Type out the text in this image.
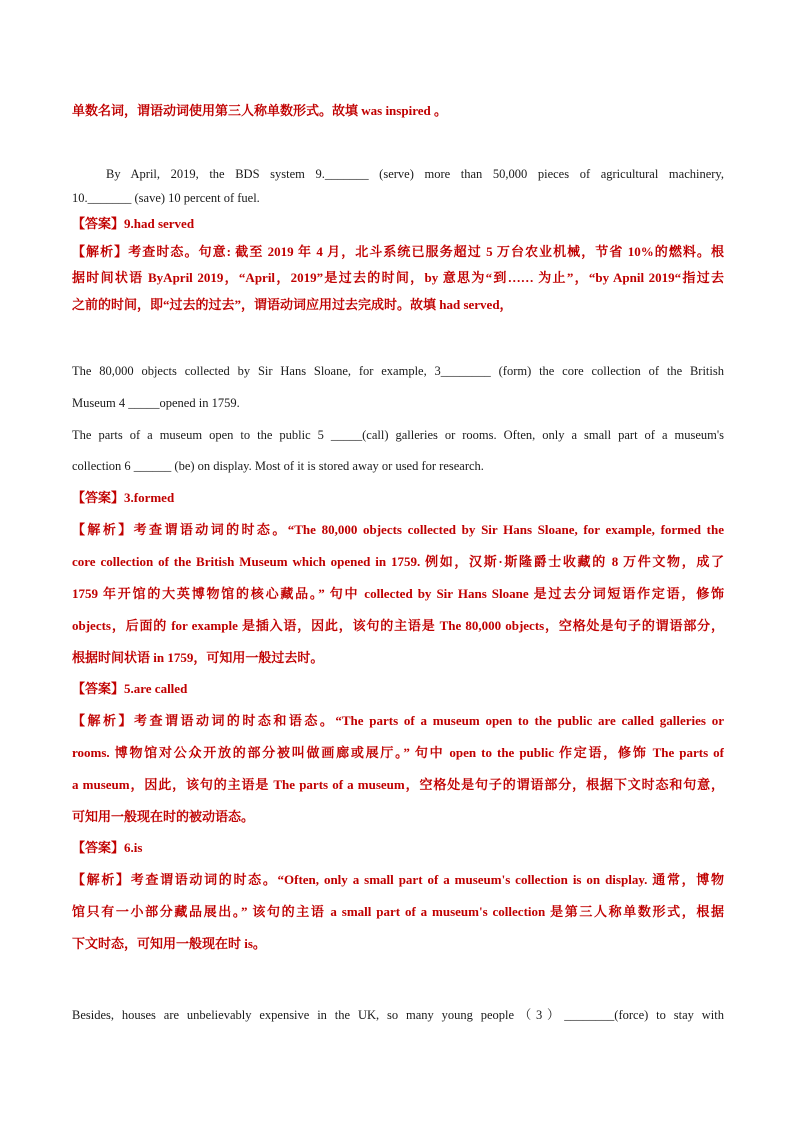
单数名词，谓语动词使用第三人称单数形式。故填 was inspired 。
By April, 2019, the BDS system 9._______ (serve) more than 50,000 pieces of agricultural machinery,
10._______ (save) 10 percent of fuel.
【答案】9.had served
【解析】考查时态。句意: 截至 2019 年 4 月，北斗系统已服务超过 5 万台农业机械，节省 10%的燃料。根
据时间状语 ByApril 2019，“April，2019”是过去的时间，by 意思为“到…… 为止”，“by Apnil 2019“指过去
之前的时间，即“过去的过去”，谓语动词应用过去完成时。故填 had served，
The 80,000 objects collected by Sir Hans Sloane, for example, 3________ (form) the core collection of the British
Museum 4 _____opened in 1759.
The parts of a museum open to the public 5 _____(call) galleries or rooms. Often, only a small part of a museum's
collection 6 ______ (be) on display. Most of it is stored away or used for research.
【答案】3.formed
【解析】考查谓语动词的时态。“The 80,000 objects collected by Sir Hans Sloane, for example, formed the
core collection of the British Museum which opened in 1759. 例如，汉斯·斯隆爵士收藏的 8 万件文物，成了
1759 年开馆的大英博物馆的核心藏品。” 句中 collected by Sir Hans Sloane 是过去分词短语作定语，修饰
objects，后面的 for example 是插入语，因此，该句的主语是 The 80,000 objects，空格处是句子的谓语部分，
根据时间状语 in 1759，可知用一般过去时。
【答案】5.are called
【解析】考查谓语动词的时态和语态。“The parts of a museum open to the public are called galleries or
rooms. 博物馆对公众开放的部分被叫做画廊或展厅。” 句中 open to the public 作定语，修饰 The parts of
a museum，因此，该句的主语是 The parts of a museum，空格处是句子的谓语部分，根据下文时态和句意，
可知用一般现在时的被动语态。
【答案】6.is
【解析】考查谓语动词的时态。“Often, only a small part of a museum's collection is on display. 通常，博物
馆只有一小部分藏品展出。” 该句的主语 a small part of a museum's collection 是第三人称单数形式，根据
下文时态，可知用一般现在时 is。
Besides, houses are unbelievably expensive in the UK, so many young people（3）________(force) to stay with
